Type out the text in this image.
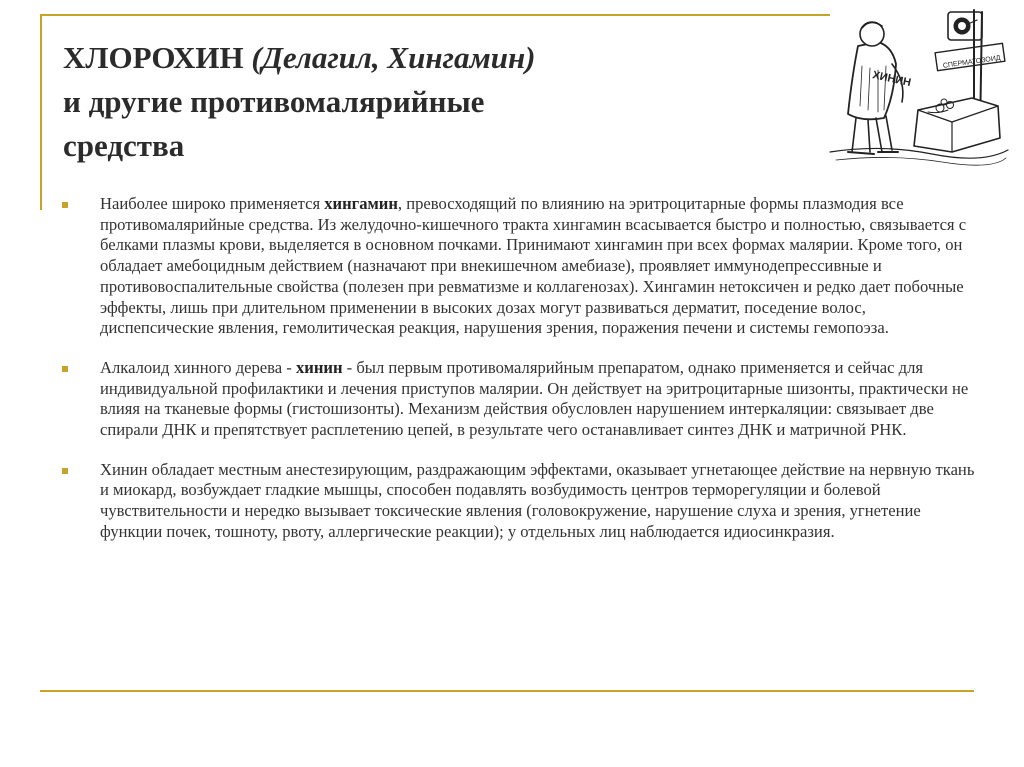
ХЛОРОХИН (Делагил, Хингамин)
и другие противомалярийные
средства
ХИНИН
СПЕРМАТОЗОИД
Наиболее широко применяется хингамин, превосходящий по влиянию на эритроцитарные формы плазмодия все противомалярийные средства. Из желудочно-кишечного тракта хингамин всасывается быстро и полностью, связывается с белками плазмы крови, выделяется в основном почками. Принимают хингамин при всех формах малярии. Кроме того, он обладает амебоцидным действием (назначают при внекишечном амебиазе), проявляет иммунодепрессивные и противовоспалительные свойства (полезен при ревматизме и коллагенозах). Хингамин нетоксичен и редко дает побочные эффекты, лишь при длительном применении в высоких дозах могут развиваться дерматит, поседение волос, диспепсические явления, гемолитическая реакция, нарушения зрения, поражения печени и системы гемопоэза.
Алкалоид хинного дерева - хинин - был первым противомалярийным препаратом, однако применяется и сейчас для индивидуальной профилактики и лечения приступов малярии. Он действует на эритроцитарные шизонты, практически не влияя на тканевые формы (гистошизонты). Механизм действия обусловлен нарушением интеркаляции: связывает две спирали ДНК и препятствует расплетению цепей, в результате чего останавливает синтез ДНК и матричной РНК.
Хинин обладает местным анестезирующим, раздражающим эффектами, оказывает угнетающее действие на нервную ткань и миокард, возбуждает гладкие мышцы, способен подавлять возбудимость центров терморегуляции и болевой чувствительности и нередко вызывает токсические явления (головокружение, нарушение слуха и зрения, угнетение функции почек, тошноту, рвоту, аллергические реакции); у отдельных лиц наблюдается идиосинкразия.
